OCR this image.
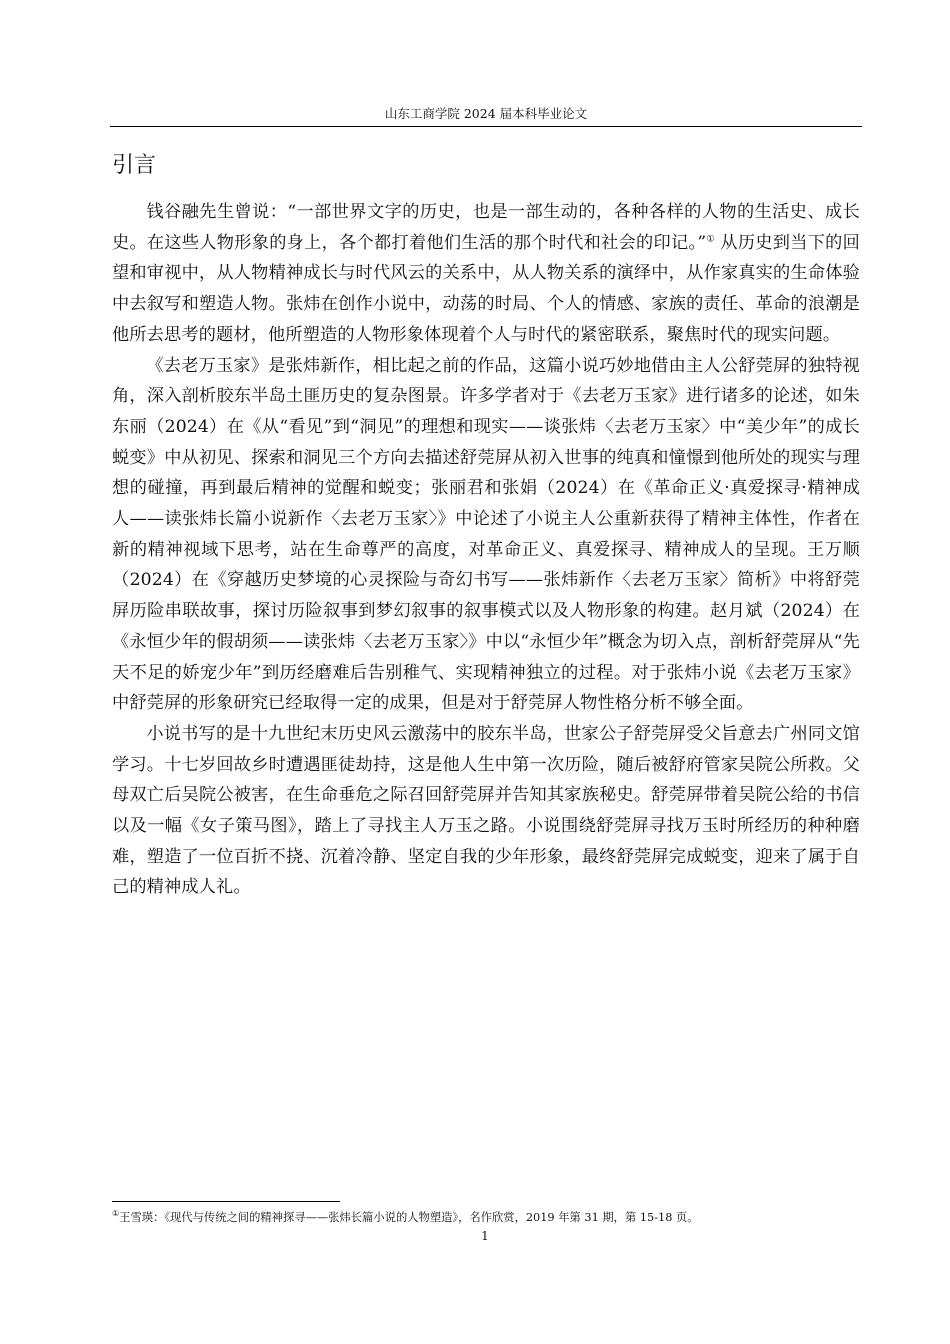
山东工商学院 2024 届本科毕业论文
引言

钱谷融先生曾说：“一部世界文字的历史，也是一部生动的，各种各样的人物的生活史、成长史。在这些人物形象的身上，各个都打着他们生活的那个时代和社会的印记。”① 从历史到当下的回望和审视中，从人物精神成长与时代风云的关系中，从人物关系的演绎中，从作家真实的生命体验中去叙写和塑造人物。张炜在创作小说中，动荡的时局、个人的情感、家族的责任、革命的浪潮是他所去思考的题材，他所塑造的人物形象体现着个人与时代的紧密联系，聚焦时代的现实问题。

《去老万玉家》是张炜新作，相比起之前的作品，这篇小说巧妙地借由主人公舒莞屏的独特视角，深入剖析胶东半岛土匪历史的复杂图景。许多学者对于《去老万玉家》进行诸多的论述，如朱东丽（2024）在《从“看见”到“洞见”的理想和现实——谈张炜〈去老万玉家〉中“美少年”的成长蜕变》中从初见、探索和洞见三个方向去描述舒莞屏从初入世事的纯真和憧憬到他所处的现实与理想的碰撞，再到最后精神的觉醒和蜕变；张丽君和张娟（2024）在《革命正义·真爱探寻·精神成人——读张炜长篇小说新作〈去老万玉家〉》中论述了小说主人公重新获得了精神主体性，作者在新的精神视域下思考，站在生命尊严的高度，对革命正义、真爱探寻、精神成人的呈现。王万顺（2024）在《穿越历史梦境的心灵探险与奇幻书写——张炜新作〈去老万玉家〉简析》中将舒莞屏历险串联故事，探讨历险叙事到梦幻叙事的叙事模式以及人物形象的构建。赵月斌（2024）在《永恒少年的假胡须——读张炜〈去老万玉家〉》中以“永恒少年”概念为切入点，剖析舒莞屏从“先天不足的娇宠少年”到历经磨难后告别稚气、实现精神独立的过程。对于张炜小说《去老万玉家》中舒莞屏的形象研究已经取得一定的成果，但是对于舒莞屏人物性格分析不够全面。

小说书写的是十九世纪末历史风云激荡中的胶东半岛，世家公子舒莞屏受父旨意去广州同文馆学习。十七岁回故乡时遭遇匪徒劫持，这是他人生中第一次历险，随后被舒府管家吴院公所救。父母双亡后吴院公被害，在生命垂危之际召回舒莞屏并告知其家族秘史。舒莞屏带着吴院公给的书信以及一幅《女子策马图》，踏上了寻找主人万玉之路。小说围绕舒莞屏寻找万玉时所经历的种种磨难，塑造了一位百折不挠、沉着冷静、坚定自我的少年形象，最终舒莞屏完成蜕变，迎来了属于自己的精神成人礼。

①王雪瑛：《现代与传统之间的精神探寻——张炜长篇小说的人物塑造》，名作欣赏，2019 年第 31 期，第 15-18 页。
1
